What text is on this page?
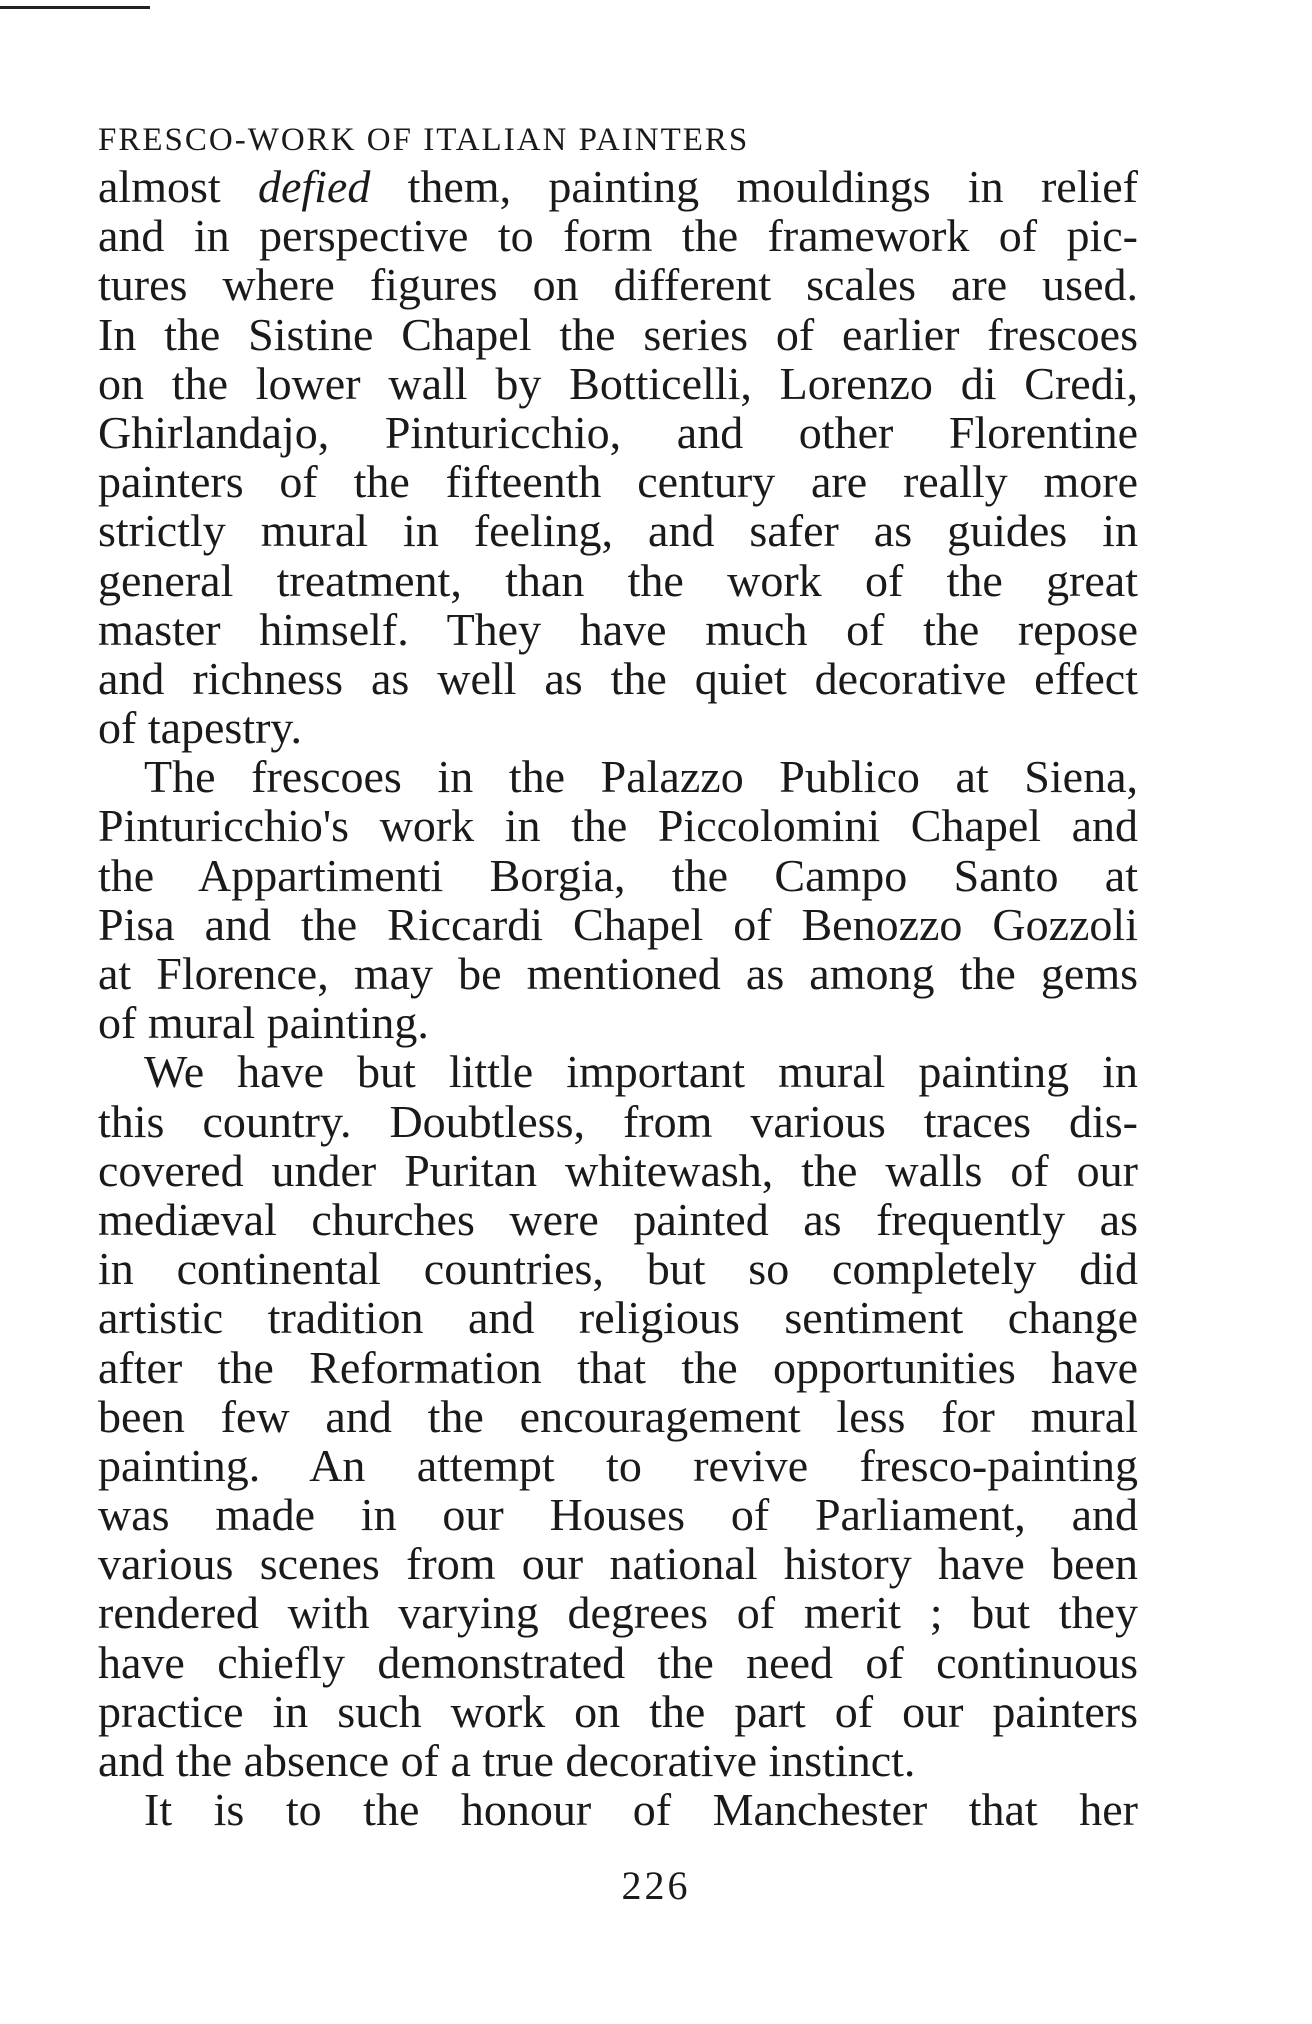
FRESCO-WORK OF ITALIAN PAINTERS
almost defied them, painting mouldings in relief
and in perspective to form the framework of pic-
tures where figures on different scales are used.
In the Sistine Chapel the series of earlier frescoes
on the lower wall by Botticelli, Lorenzo di Credi,
Ghirlandajo, Pinturicchio, and other Florentine
painters of the fifteenth century are really more
strictly mural in feeling, and safer as guides in
general treatment, than the work of the great
master himself. They have much of the repose
and richness as well as the quiet decorative effect
of tapestry.
The frescoes in the Palazzo Publico at Siena,
Pinturicchio's work in the Piccolomini Chapel and
the Appartimenti Borgia, the Campo Santo at
Pisa and the Riccardi Chapel of Benozzo Gozzoli
at Florence, may be mentioned as among the gems
of mural painting.
We have but little important mural painting in
this country. Doubtless, from various traces dis-
covered under Puritan whitewash, the walls of our
mediæval churches were painted as frequently as
in continental countries, but so completely did
artistic tradition and religious sentiment change
after the Reformation that the opportunities have
been few and the encouragement less for mural
painting. An attempt to revive fresco-painting
was made in our Houses of Parliament, and
various scenes from our national history have been
rendered with varying degrees of merit ; but they
have chiefly demonstrated the need of continuous
practice in such work on the part of our painters
and the absence of a true decorative instinct.
It is to the honour of Manchester that her
226
